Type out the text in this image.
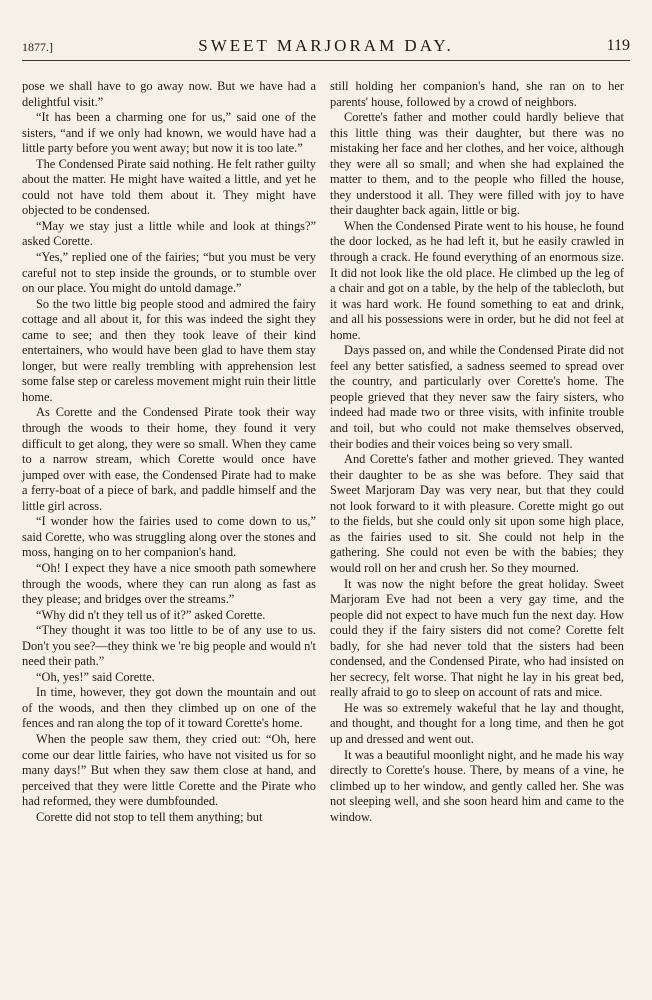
1877.]	SWEET MARJORAM DAY.	119

pose we shall have to go away now. But we have had a delightful visit.”

“It has been a charming one for us,” said one of the sisters, “and if we only had known, we would have had a little party before you went away; but now it is too late.”

The Condensed Pirate said nothing. He felt rather guilty about the matter. He might have waited a little, and yet he could not have told them about it. They might have objected to be condensed.

“May we stay just a little while and look at things?” asked Corette.

“Yes,” replied one of the fairies; “but you must be very careful not to step inside the grounds, or to stumble over on our place. You might do untold damage.”

So the two little big people stood and admired the fairy cottage and all about it, for this was indeed the sight they came to see; and then they took leave of their kind entertainers, who would have been glad to have them stay longer, but were really trembling with apprehension lest some false step or careless movement might ruin their little home.

As Corette and the Condensed Pirate took their way through the woods to their home, they found it very difficult to get along, they were so small. When they came to a narrow stream, which Corette would once have jumped over with ease, the Condensed Pirate had to make a ferry-boat of a piece of bark, and paddle himself and the little girl across.

“I wonder how the fairies used to come down to us,” said Corette, who was struggling along over the stones and moss, hanging on to her companion's hand.

“Oh! I expect they have a nice smooth path somewhere through the woods, where they can run along as fast as they please; and bridges over the streams.”

“Why did n't they tell us of it?” asked Corette.

“They thought it was too little to be of any use to us. Don't you see?—they think we 're big people and would n't need their path.”

“Oh, yes!” said Corette.

In time, however, they got down the mountain and out of the woods, and then they climbed up on one of the fences and ran along the top of it toward Corette's home.

When the people saw them, they cried out: “Oh, here come our dear little fairies, who have not visited us for so many days!” But when they saw them close at hand, and perceived that they were little Corette and the Pirate who had reformed, they were dumbfounded.

Corette did not stop to tell them anything; but

still holding her companion's hand, she ran on to her parents' house, followed by a crowd of neighbors.

Corette's father and mother could hardly believe that this little thing was their daughter, but there was no mistaking her face and her clothes, and her voice, although they were all so small; and when she had explained the matter to them, and to the people who filled the house, they understood it all. They were filled with joy to have their daughter back again, little or big.

When the Condensed Pirate went to his house, he found the door locked, as he had left it, but he easily crawled in through a crack. He found everything of an enormous size. It did not look like the old place. He climbed up the leg of a chair and got on a table, by the help of the tablecloth, but it was hard work. He found something to eat and drink, and all his possessions were in order, but he did not feel at home.

Days passed on, and while the Condensed Pirate did not feel any better satisfied, a sadness seemed to spread over the country, and particularly over Corette's home. The people grieved that they never saw the fairy sisters, who indeed had made two or three visits, with infinite trouble and toil, but who could not make themselves observed, their bodies and their voices being so very small.

And Corette's father and mother grieved. They wanted their daughter to be as she was before. They said that Sweet Marjoram Day was very near, but that they could not look forward to it with pleasure. Corette might go out to the fields, but she could only sit upon some high place, as the fairies used to sit. She could not help in the gathering. She could not even be with the babies; they would roll on her and crush her. So they mourned.

It was now the night before the great holiday. Sweet Marjoram Eve had not been a very gay time, and the people did not expect to have much fun the next day. How could they if the fairy sisters did not come? Corette felt badly, for she had never told that the sisters had been condensed, and the Condensed Pirate, who had insisted on her secrecy, felt worse. That night he lay in his great bed, really afraid to go to sleep on account of rats and mice.

He was so extremely wakeful that he lay and thought, and thought, and thought for a long time, and then he got up and dressed and went out.

It was a beautiful moonlight night, and he made his way directly to Corette's house. There, by means of a vine, he climbed up to her window, and gently called her. She was not sleeping well, and she soon heard him and came to the window.
